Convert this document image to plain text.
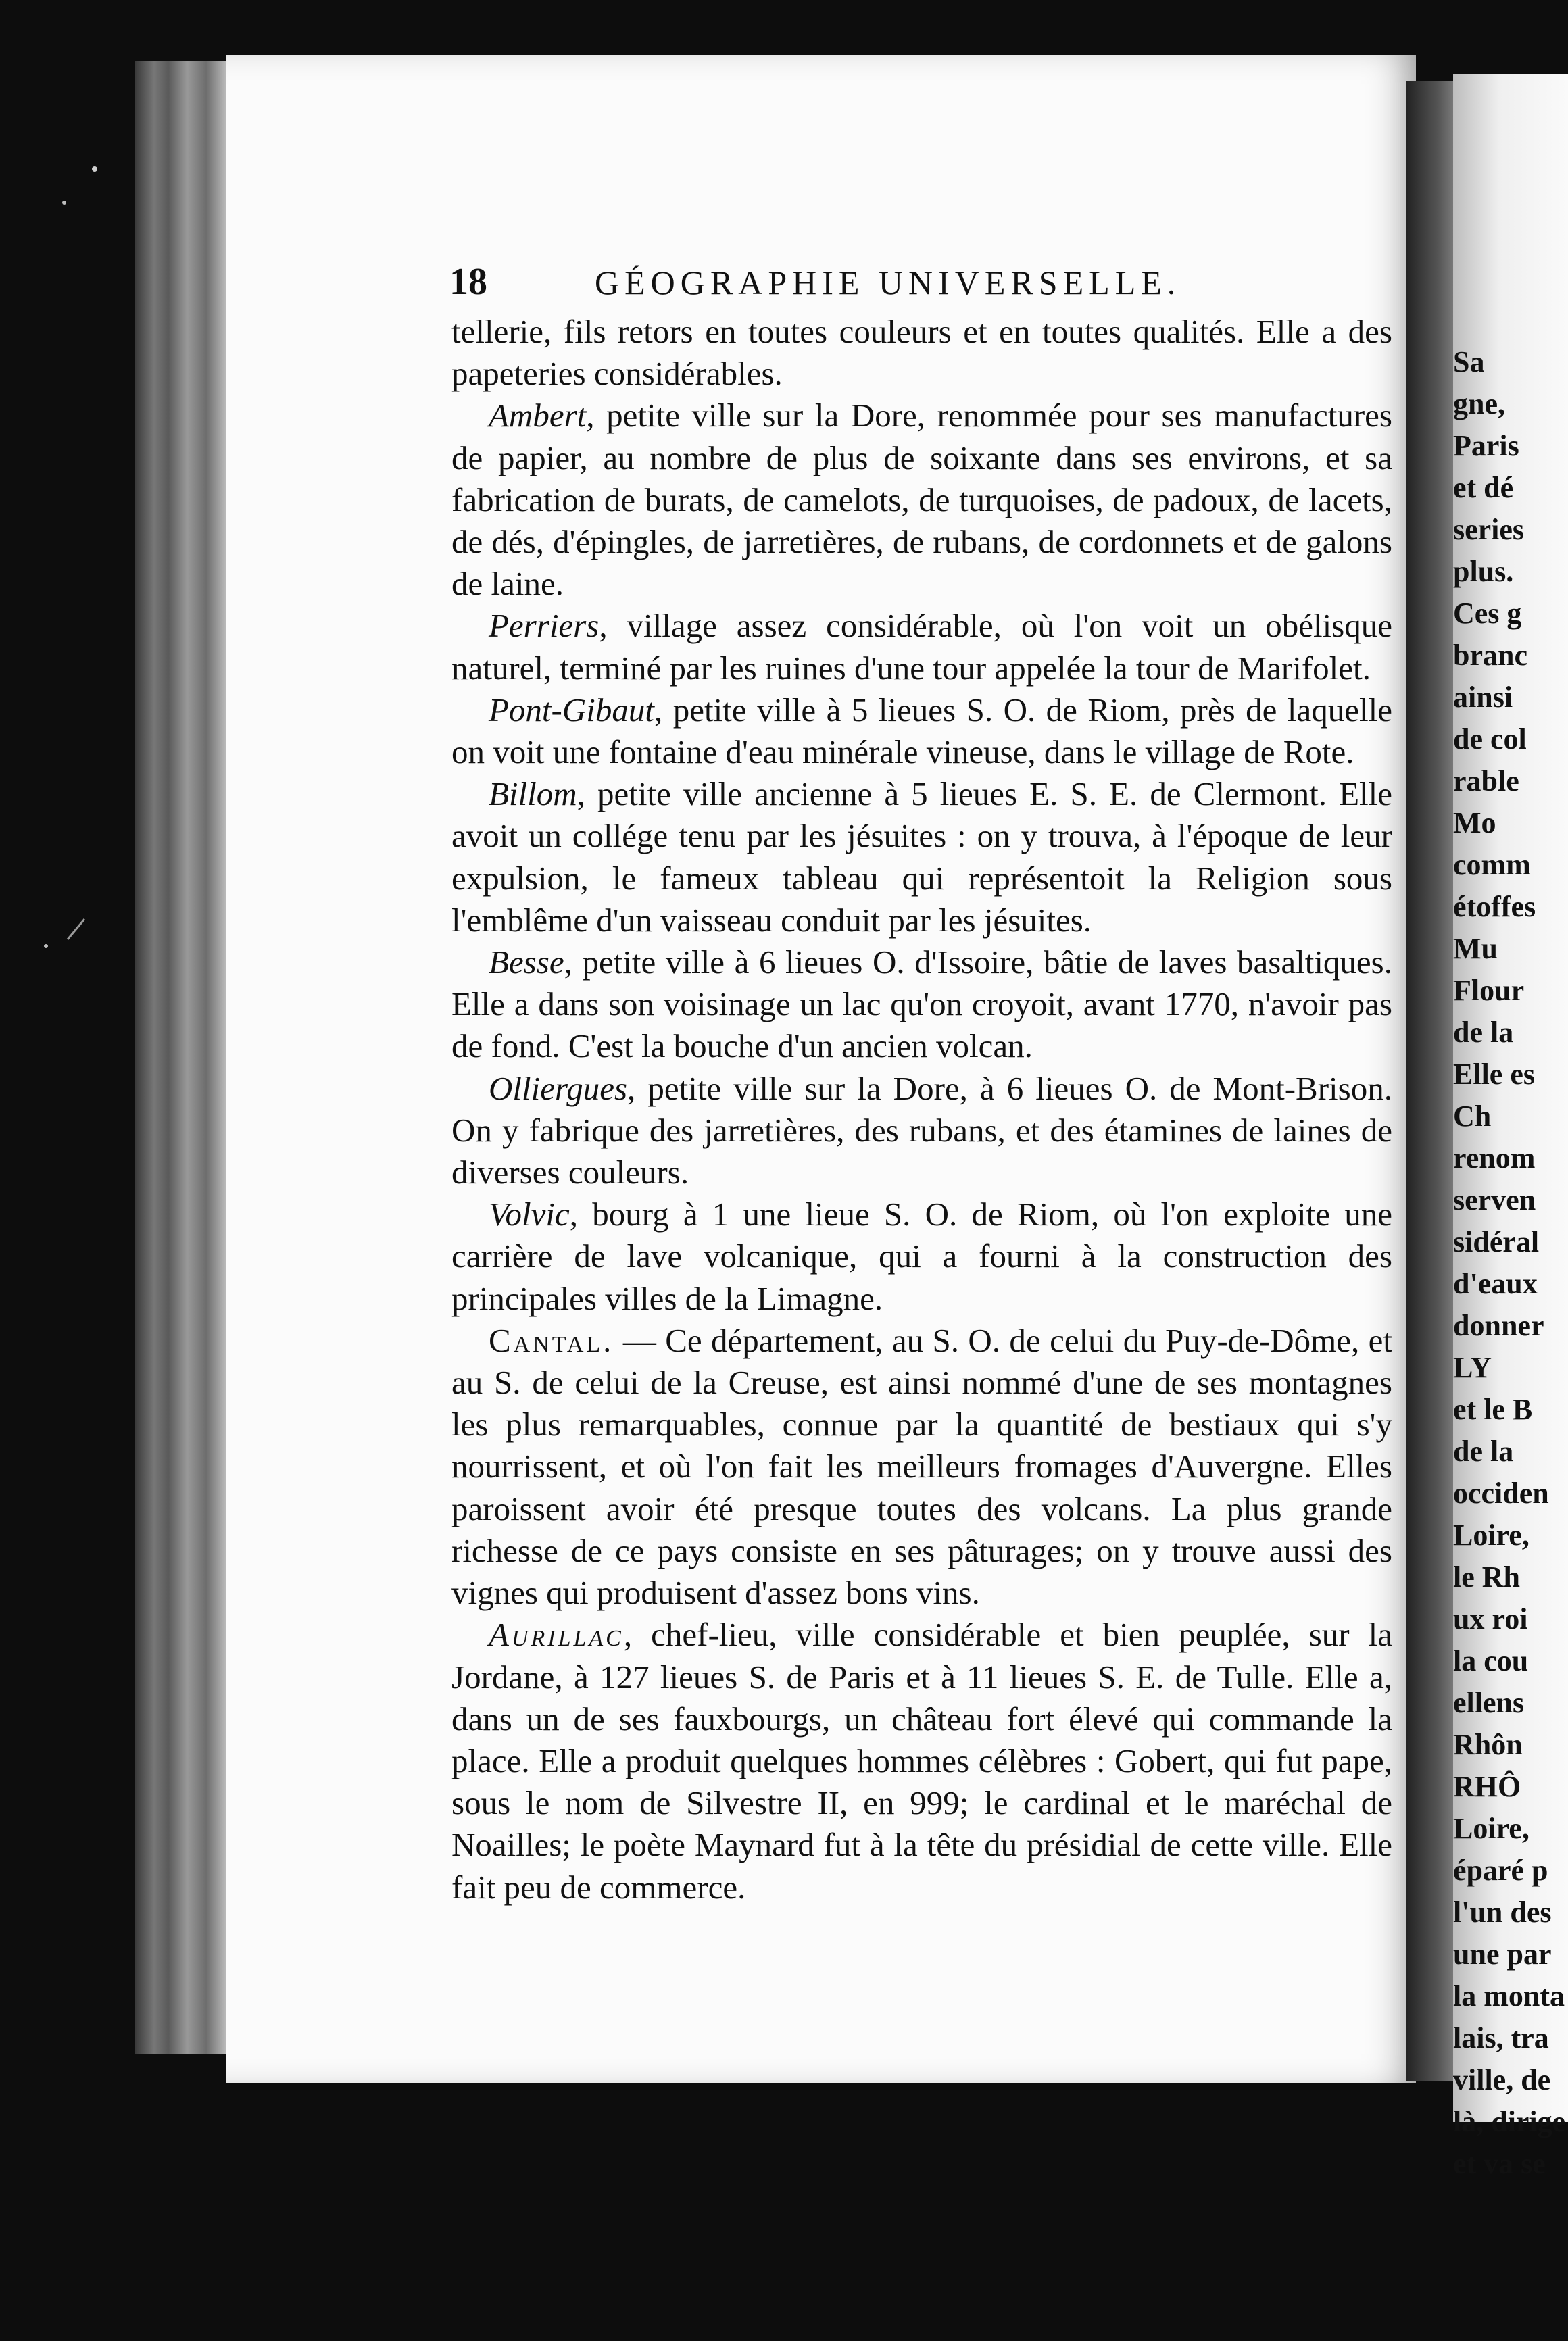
18	GÉOGRAPHIE UNIVERSELLE.

tellerie, fils retors en toutes couleurs et en toutes qualités. Elle a des papeteries considérables.

Ambert, petite ville sur la Dore, renommée pour ses manufactures de papier, au nombre de plus de soixante dans ses environs, et sa fabrication de burats, de camelots, de turquoises, de padoux, de lacets, de dés, d'épingles, de jarretières, de rubans, de cordonnets et de galons de laine.

Perriers, village assez considérable, où l'on voit un obélisque naturel, terminé par les ruines d'une tour appelée la tour de Marifolet.

Pont-Gibaut, petite ville à 5 lieues S. O. de Riom, près de laquelle on voit une fontaine d'eau minérale vineuse, dans le village de Rote.

Billom, petite ville ancienne à 5 lieues E. S. E. de Clermont. Elle avoit un collége tenu par les jésuites : on y trouva, à l'époque de leur expulsion, le fameux tableau qui représentoit la Religion sous l'emblême d'un vaisseau conduit par les jésuites.

Besse, petite ville à 6 lieues O. d'Issoire, bâtie de laves basaltiques. Elle a dans son voisinage un lac qu'on croyoit, avant 1770, n'avoir pas de fond. C'est la bouche d'un ancien volcan.

Olliergues, petite ville sur la Dore, à 6 lieues O. de Mont-Brison. On y fabrique des jarretières, des rubans, et des étamines de laines de diverses couleurs.

Volvic, bourg à 1 une lieue S. O. de Riom, où l'on exploite une carrière de lave volcanique, qui a fourni à la construction des principales villes de la Limagne.

Cantal. — Ce département, au S. O. de celui du Puy-de-Dôme, et au S. de celui de la Creuse, est ainsi nommé d'une de ses montagnes les plus remarquables, connue par la quantité de bestiaux qui s'y nourrissent, et où l'on fait les meilleurs fromages d'Auvergne. Elles paroissent avoir été presque toutes des volcans. La plus grande richesse de ce pays consiste en ses pâturages; on y trouve aussi des vignes qui produisent d'assez bons vins.

Aurillac, chef-lieu, ville considérable et bien peuplée, sur la Jordane, à 127 lieues S. de Paris et à 11 lieues S. E. de Tulle. Elle a, dans un de ses fauxbourgs, un château fort élevé qui commande la place. Elle a produit quelques hommes célèbres : Gobert, qui fut pape, sous le nom de Silvestre II, en 999; le cardinal et le maréchal de Noailles; le poète Maynard fut à la tête du présidial de cette ville. Elle fait peu de commerce.

Sa
gne,
Paris
et dé
series
plus.
Ces g
branc
ainsi
de col
rable
Mo
comm
étoffes
Mu
Flour
de la
Elle es
Ch
renom
serven
sidéral
d'eaux
donner
LY
et le B
de la
occiden
Loire,
le Rh
ux roi
la cou
ellens
Rhôn
RHÔ
Loire,
éparé p
l'un des
une par
la monta
lais, tra
ville, de
là, dirige
et va se
